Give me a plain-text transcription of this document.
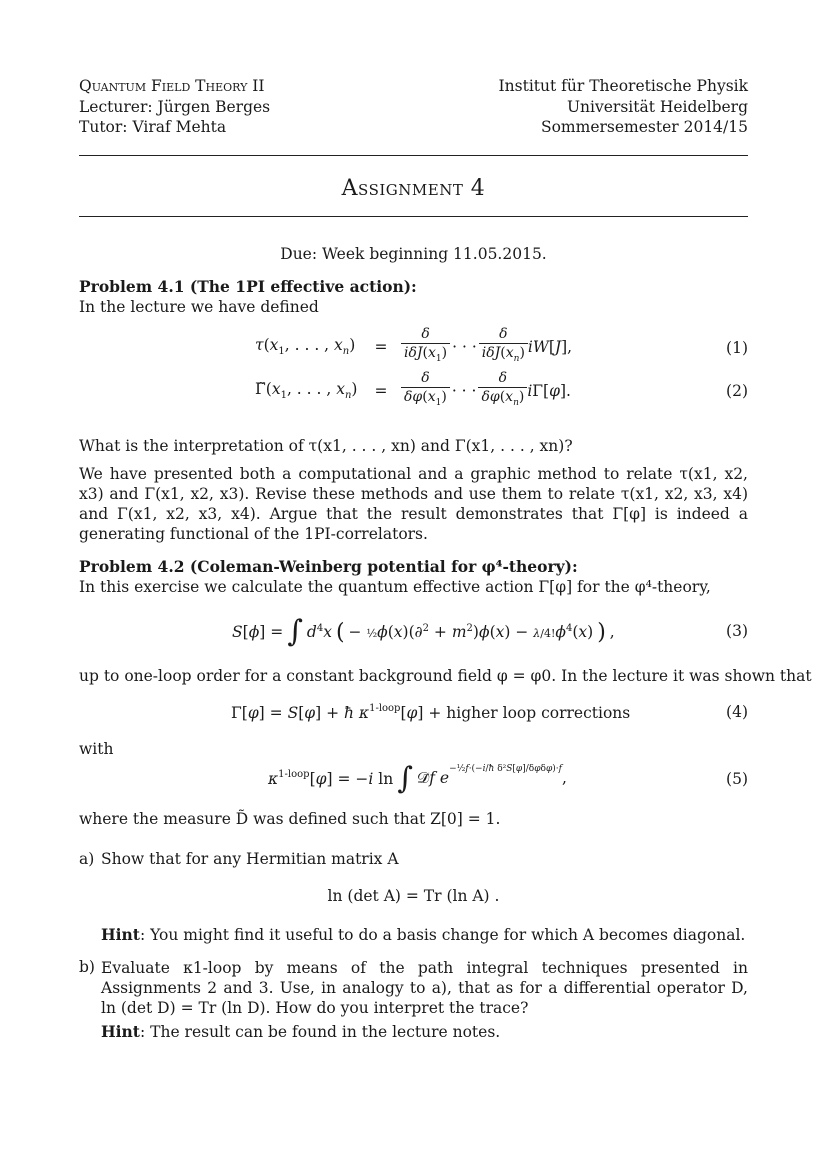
Quantum Field Theory II
Lecturer: Jürgen Berges
Tutor: Viraf Mehta
Institut für Theoretische Physik
Universität Heidelberg
Sommersemester 2014/15
Assignment 4
Due: Week beginning 11.05.2015.
Problem 4.1 (The 1PI effective action):
In the lecture we have defined
$\tau(x_1$, . . . , $x_n$)	= $\frac{\delta}{i\delta J(x_1)}$ · · · $\frac{\delta}{i\delta J(x_n)} iW[J]$,	(1)
$\Gammã(x_1$, . . . , $x_n$)	= $\frac{\delta}{\delta\varphi(x_1)}$ · · · $\frac{\delta}{\delta\varphi(x_n)} i\Gamma[\varphi]$.	(2)
What is the interpretation of τ(x1, . . . , xn) and Γ(x1, . . . , xn)?
We have presented both a computational and a graphic method to relate τ(x1, x2, x3) and Γ(x1, x2, x3). Revise these methods and use them to relate τ(x1, x2, x3, x4) and Γ(x1, x2, x3, x4). Argue that the result demonstrates that Γ[φ] is indeed a generating functional of the 1PI-correlators.
Problem 4.2 (Coleman-Weinberg potential for φ⁴-theory):
In this exercise we calculate the quantum effective action Γ[φ] for the φ⁴-theory,
S[ϕ] = ∫ $d^4x$ ( − ½ϕ(x)(∂$^2$ + $m^2)\phi(x) - \lambda/4!\phi^4(x)$ ) ,	(3)
up to one-loop order for a constant background field φ = φ0. In the lecture it was shown that
Γ[φ] = S[φ] + ħ $\kappa^{1-loop}[\varphi]$ + higher loop corrections	(4)
with
$\kappa^{1-loop}[\varphi] = -i$ ln ∫ 𝒟̃f e −½f·(−i/ħ δ²S[φ]/δφδφ)·f ,	(5)
where the measure D̃ was defined such that Z[0] = 1.
a) Show that for any Hermitian matrix A
ln (det A) = Tr (ln A) .
Hint: You might find it useful to do a basis change for which A becomes diagonal.
b) Evaluate κ1-loop by means of the path integral techniques presented in Assignments 2 and 3. Use, in analogy to a), that as for a differential operator D, ln (det D) = Tr (ln D). How do you interpret the trace?
Hint: The result can be found in the lecture notes.
